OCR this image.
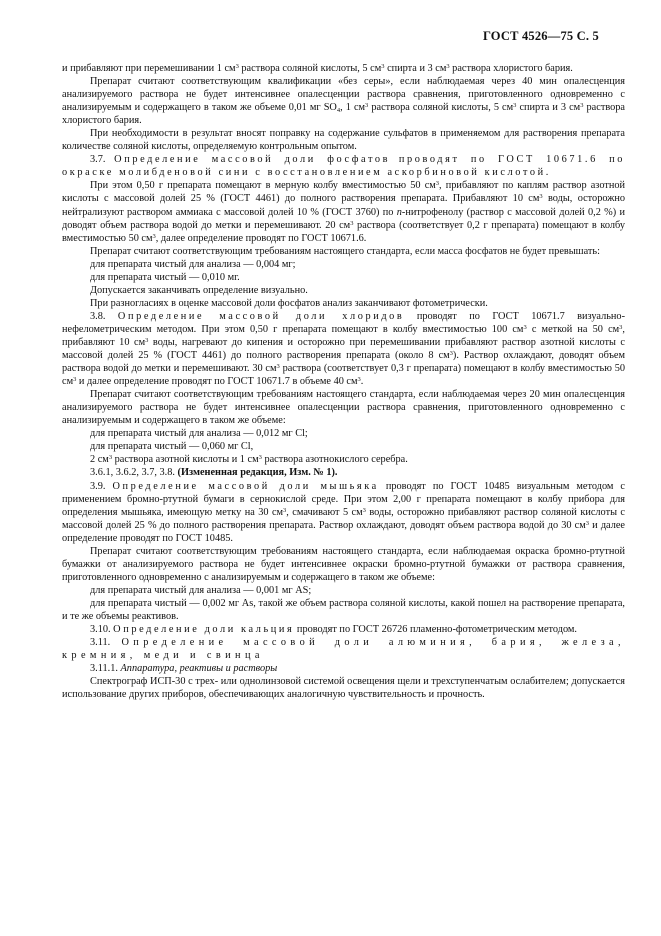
ГОСТ 4526—75 С. 5

и прибавляют при перемешивании 1 $см^3$ раствора соляной кислоты, 5 $см^3$ спирта и 3 $см^3$ раствора хлористого бария.

Препарат считают соответствующим квалификации «без серы», если наблюдаемая через 40 мин опалесценция анализируемого раствора не будет интенсивнее опалесценции раствора сравнения, приготовленного одновременно с анализируемым и содержащего в таком же объеме 0,01 мг $SO_4$, 1 $см^3$ раствора соляной кислоты, 5 $см^3$ спирта и 3 $см^3$ раствора хлористого бария.

При необходимости в результат вносят поправку на содержание сульфатов в применяемом для растворения препарата количестве соляной кислоты, определяемую контрольным опытом.

3.7. Определение массовой доли фосфатов проводят по ГОСТ 10671.6 по окраске молибденовой сини с восстановлением аскорбиновой кислотой.

При этом 0,50 г препарата помещают в мерную колбу вместимостью 50 $см^3$, прибавляют по каплям раствор азотной кислоты с массовой долей 25 % (ГОСТ 4461) до полного растворения препарата. Прибавляют 10 $см^3$ воды, осторожно нейтрализуют раствором аммиака с массовой долей 10 % (ГОСТ 3760) по n-нитрофенолу (раствор с массовой долей 0,2 %) и доводят объем раствора водой до метки и перемешивают. 20 $см^3$ раствора (соответствует 0,2 г препарата) помещают в колбу вместимостью 50 $см^3$, далее определение проводят по ГОСТ 10671.6.

Препарат считают соответствующим требованиям настоящего стандарта, если масса фосфатов не будет превышать:

для препарата чистый для анализа — 0,004 мг;

для препарата чистый — 0,010 мг.

Допускается заканчивать определение визуально.

При разногласиях в оценке массовой доли фосфатов анализ заканчивают фотометрически.

3.8. Определение массовой доли хлоридов проводят по ГОСТ 10671.7 визуально-нефелометрическим методом. При этом 0,50 г препарата помещают в колбу вместимостью 100 $см^3$ с меткой на 50 $см^3$, прибавляют 10 $см^3$ воды, нагревают до кипения и осторожно при перемешивании прибавляют раствор азотной кислоты с массовой долей 25 % (ГОСТ 4461) до полного растворения препарата (около 8 $см^3$). Раствор охлаждают, доводят объем раствора водой до метки и перемешивают. 30 $см^3$ раствора (соответствует 0,3 г препарата) помещают в колбу вместимостью 50 $см^3$ и далее определение проводят по ГОСТ 10671.7 в объеме 40 $см^3$.

Препарат считают соответствующим требованиям настоящего стандарта, если наблюдаемая через 20 мин опалесценция анализируемого раствора не будет интенсивнее опалесценции раствора сравнения, приготовленного одновременно с анализируемым и содержащего в таком же объеме:

для препарата чистый для анализа — 0,012 мг Cl;

для препарата чистый — 0,060 мг Cl,

2 $см^3$ раствора азотной кислоты и 1 $см^3$ раствора азотнокислого серебра.

3.6.1, 3.6.2, 3.7, 3.8. (Измененная редакция, Изм. № 1).

3.9. Определение массовой доли мышьяка проводят по ГОСТ 10485 визуальным методом с применением бромно-ртутной бумаги в сернокислой среде. При этом 2,00 г препарата помещают в колбу прибора для определения мышьяка, имеющую метку на 30 $см^3$, смачивают 5 $см^3$ воды, осторожно прибавляют раствор соляной кислоты с массовой долей 25 % до полного растворения препарата. Раствор охлаждают, доводят объем раствора водой до 30 $см^3$ и далее определение проводят по ГОСТ 10485.

Препарат считают соответствующим требованиям настоящего стандарта, если наблюдаемая окраска бромно-ртутной бумажки от анализируемого раствора не будет интенсивнее окраски бромно-ртутной бумажки от раствора сравнения, приготовленного одновременно с анализируемым и содержащего в таком же объеме:

для препарата чистый для анализа — 0,001 мг AS;

для препарата чистый — 0,002 мг As, такой же объем раствора соляной кислоты, какой пошел на растворение препарата, и те же объемы реактивов.

3.10. Определение доли кальция проводят по ГОСТ 26726 пламенно-фотометрическим методом.

3.11. Определение массовой доли алюминия, бария, железа, кремния, меди и свинца

3.11.1. Аппаратура, реактивы и растворы

Спектрограф ИСП-30 с трех- или однолинзовой системой освещения щели и трехступенчатым ослабителем; допускается использование других приборов, обеспечивающих аналогичную чувствительность и прочность.
